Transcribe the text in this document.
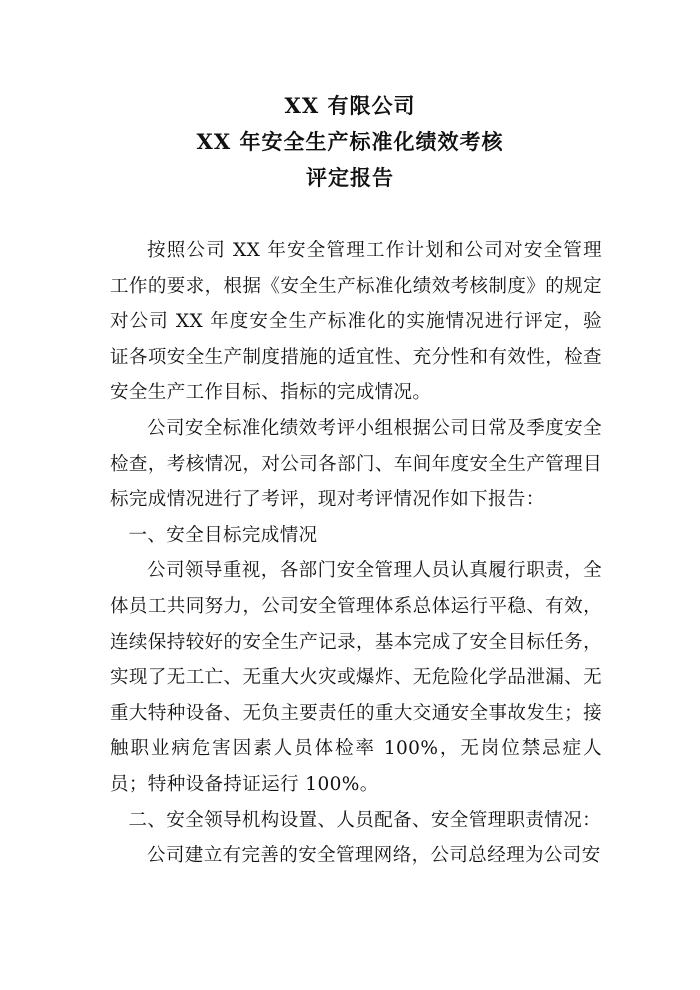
XX 有限公司
XX 年安全生产标准化绩效考核
评定报告

按照公司 XX 年安全管理工作计划和公司对安全管理工作的要求，根据《安全生产标准化绩效考核制度》的规定对公司 XX 年度安全生产标准化的实施情况进行评定，验证各项安全生产制度措施的适宜性、充分性和有效性，检查安全生产工作目标、指标的完成情况。

公司安全标准化绩效考评小组根据公司日常及季度安全检查，考核情况，对公司各部门、车间年度安全生产管理目标完成情况进行了考评，现对考评情况作如下报告：

一、安全目标完成情况

公司领导重视，各部门安全管理人员认真履行职责，全体员工共同努力，公司安全管理体系总体运行平稳、有效，连续保持较好的安全生产记录，基本完成了安全目标任务，实现了无工亡、无重大火灾或爆炸、无危险化学品泄漏、无重大特种设备、无负主要责任的重大交通安全事故发生；接触职业病危害因素人员体检率 100%，无岗位禁忌症人员；特种设备持证运行 100%。

二、安全领导机构设置、人员配备、安全管理职责情况：

公司建立有完善的安全管理网络，公司总经理为公司安
